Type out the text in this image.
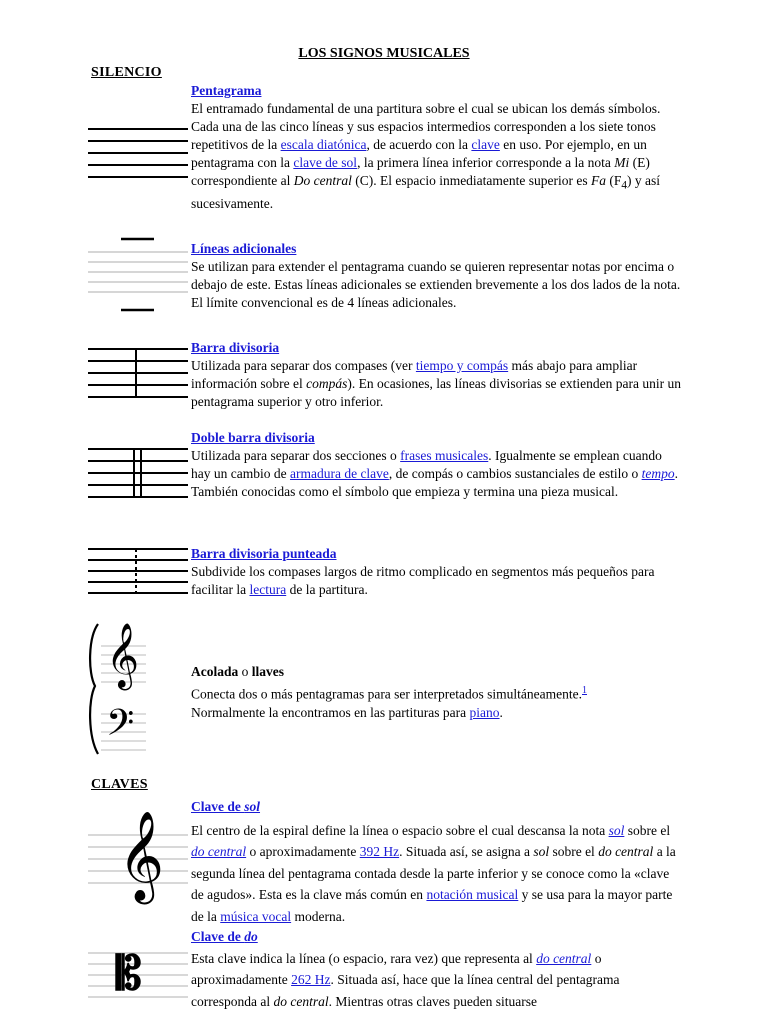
LOS SIGNOS MUSICALES
SILENCIO
Pentagrama

El entramado fundamental de una partitura sobre el cual se ubican los demás símbolos. Cada una de las cinco líneas y sus espacios intermedios corresponden a los siete tonos repetitivos de la escala diatónica, de acuerdo con la clave en uso. Por ejemplo, en un pentagrama con la clave de sol, la primera línea inferior corresponde a la nota Mi (E) correspondiente al Do central (C). El espacio inmediatamente superior es Fa $(F_4)$ y así sucesivamente.

Líneas adicionales

Se utilizan para extender el pentagrama cuando se quieren representar notas por encima o debajo de este. Estas líneas adicionales se extienden brevemente a los dos lados de la nota. El límite convencional es de 4 líneas adicionales.

Barra divisoria

Utilizada para separar dos compases (ver tiempo y compás más abajo para ampliar información sobre el compás). En ocasiones, las líneas divisorias se extienden para unir un pentagrama superior y otro inferior.

Doble barra divisoria

Utilizada para separar dos secciones o frases musicales. Igualmente se emplean cuando hay un cambio de armadura de clave, de compás o cambios sustanciales de estilo o tempo. También conocidas como el símbolo que empieza y termina una pieza musical.

Barra divisoria punteada

Subdivide los compases largos de ritmo complicado en segmentos más pequeños para facilitar la lectura de la partitura.

𝄞
𝄢
Acolada o llaves

Conecta dos o más pentagramas para ser interpretados simultáneamente.$^1$
Normalmente la encontramos en las partituras para piano.

CLAVES
𝄞
Clave de sol

El centro de la espiral define la línea o espacio sobre el cual descansa la nota sol sobre el do central o aproximadamente 392 Hz. Situada así, se asigna a sol sobre el do central a la segunda línea del pentagrama contada desde la parte inferior y se conoce como la «clave de agudos». Esta es la clave más común en notación musical y se usa para la mayor parte de la música vocal moderna.

𝄡
Clave de do

Esta clave indica la línea (o espacio, rara vez) que representa al do central o aproximadamente 262 Hz. Situada así, hace que la línea central del pentagrama corresponda al do central. Mientras otras claves pueden situarse
